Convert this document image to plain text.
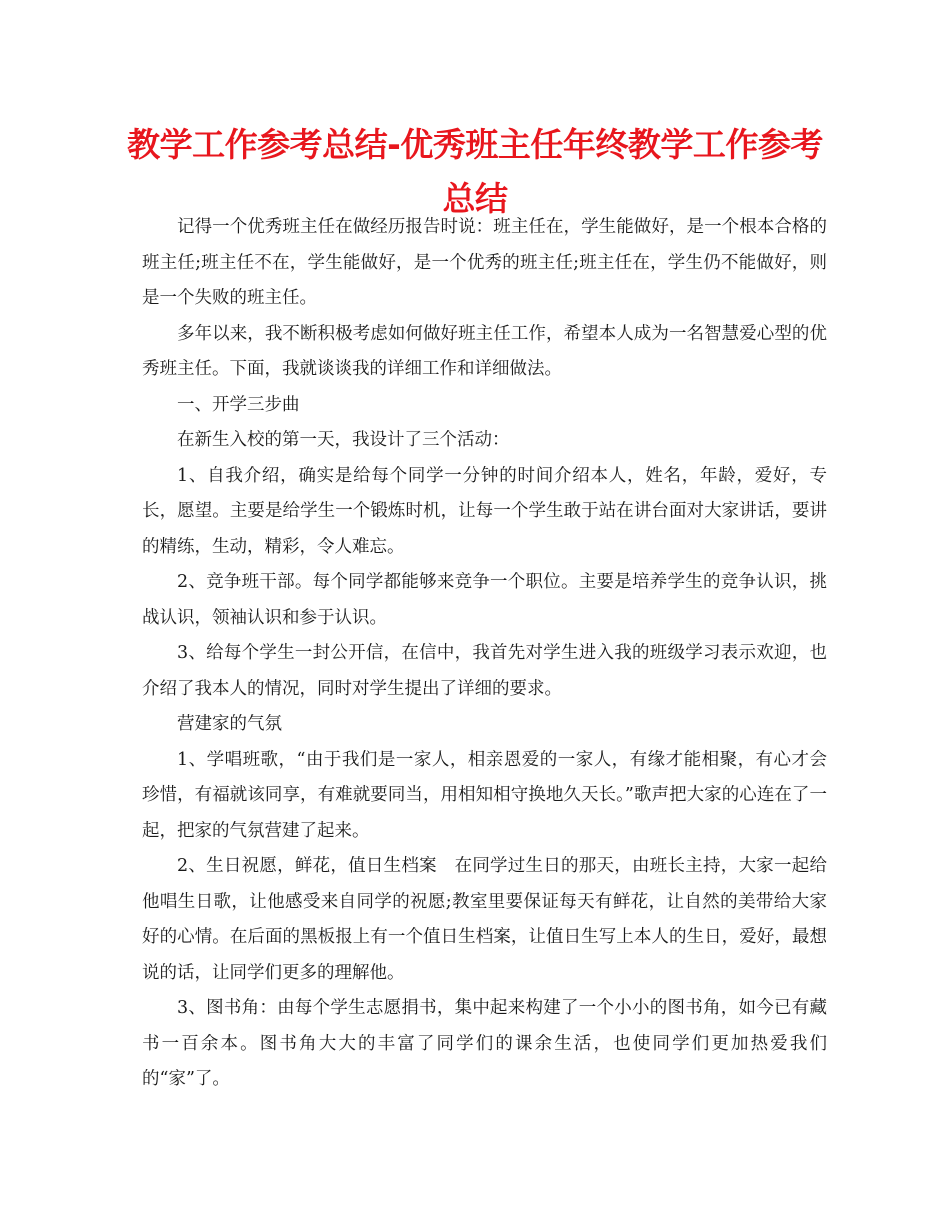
教学工作参考总结-优秀班主任年终教学工作参考总结

记得一个优秀班主任在做经历报告时说：班主任在，学生能做好，是一个根本合格的班主任;班主任不在，学生能做好，是一个优秀的班主任;班主任在，学生仍不能做好，则是一个失败的班主任。

多年以来，我不断积极考虑如何做好班主任工作，希望本人成为一名智慧爱心型的优秀班主任。下面，我就谈谈我的详细工作和详细做法。

一、开学三步曲

在新生入校的第一天，我设计了三个活动：

1、自我介绍，确实是给每个同学一分钟的时间介绍本人，姓名，年龄，爱好，专长，愿望。主要是给学生一个锻炼时机，让每一个学生敢于站在讲台面对大家讲话，要讲的精练，生动，精彩，令人难忘。

2、竞争班干部。每个同学都能够来竞争一个职位。主要是培养学生的竞争认识，挑战认识，领袖认识和参于认识。

3、给每个学生一封公开信，在信中，我首先对学生进入我的班级学习表示欢迎，也介绍了我本人的情况，同时对学生提出了详细的要求。

营建家的气氛

1、学唱班歌，“由于我们是一家人，相亲恩爱的一家人，有缘才能相聚，有心才会珍惜，有福就该同享，有难就要同当，用相知相守换地久天长。”歌声把大家的心连在了一起，把家的气氛营建了起来。

2、生日祝愿，鲜花，值日生档案　在同学过生日的那天，由班长主持，大家一起给他唱生日歌，让他感受来自同学的祝愿;教室里要保证每天有鲜花，让自然的美带给大家好的心情。在后面的黑板报上有一个值日生档案，让值日生写上本人的生日，爱好，最想说的话，让同学们更多的理解他。

3、图书角：由每个学生志愿捐书，集中起来构建了一个小小的图书角，如今已有藏书一百余本。图书角大大的丰富了同学们的课余生活，也使同学们更加热爱我们的“家”了。
